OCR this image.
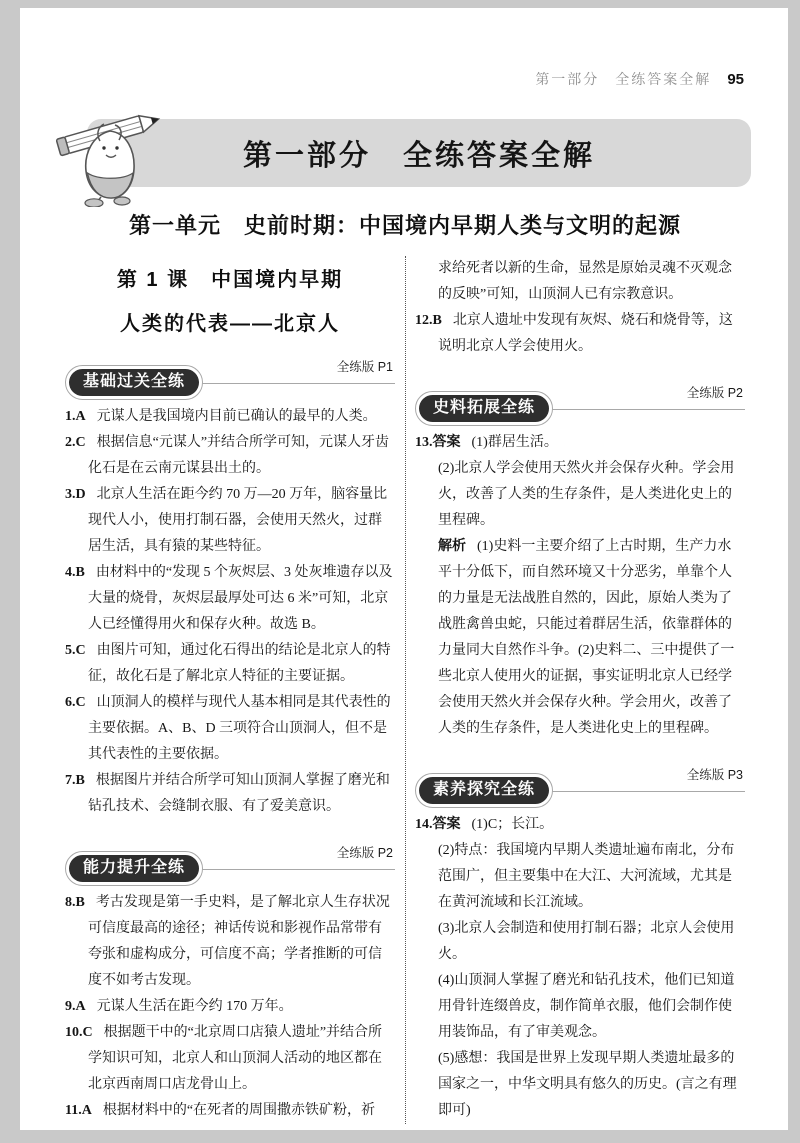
第一部分　全练答案全解 95
第一部分　全练答案全解
第一单元　史前时期：中国境内早期人类与文明的起源
第 1 课　中国境内早期
人类的代表——北京人
基础过关全练
全练版 P1

1.A 元谋人是我国境内目前已确认的最早的人类。

2.C 根据信息“元谋人”并结合所学可知，元谋人牙齿化石是在云南元谋县出土的。

3.D 北京人生活在距今约 70 万—20 万年，脑容量比现代人小，使用打制石器，会使用天然火，过群居生活，具有猿的某些特征。

4.B 由材料中的“发现 5 个灰烬层、3 处灰堆遗存以及大量的烧骨，灰烬层最厚处可达 6 米”可知，北京人已经懂得用火和保存火种。故选 B。

5.C 由图片可知，通过化石得出的结论是北京人的特征，故化石是了解北京人特征的主要证据。

6.C 山顶洞人的模样与现代人基本相同是其代表性的主要依据。A、B、D 三项符合山顶洞人，但不是其代表性的主要依据。

7.B 根据图片并结合所学可知山顶洞人掌握了磨光和钻孔技术、会缝制衣服、有了爱美意识。

能力提升全练
全练版 P2

8.B 考古发现是第一手史料，是了解北京人生存状况可信度最高的途径；神话传说和影视作品常带有夸张和虚构成分，可信度不高；学者推断的可信度不如考古发现。

9.A 元谋人生活在距今约 170 万年。

10.C 根据题干中的“北京周口店猿人遗址”并结合所学知识可知，北京人和山顶洞人活动的地区都在北京西南周口店龙骨山上。

11.A 根据材料中的“在死者的周围撒赤铁矿粉，祈

求给死者以新的生命，显然是原始灵魂不灭观念的反映”可知，山顶洞人已有宗教意识。

12.B 北京人遗址中发现有灰烬、烧石和烧骨等，这说明北京人学会使用火。

史料拓展全练
全练版 P2

13.答案 (1)群居生活。

(2)北京人学会使用天然火并会保存火种。学会用火，改善了人类的生存条件，是人类进化史上的里程碑。

解析 (1)史料一主要介绍了上古时期，生产力水平十分低下，而自然环境又十分恶劣，单靠个人的力量是无法战胜自然的，因此，原始人类为了战胜禽兽虫蛇，只能过着群居生活，依靠群体的力量同大自然作斗争。(2)史料二、三中提供了一些北京人使用火的证据，事实证明北京人已经学会使用天然火并会保存火种。学会用火，改善了人类的生存条件，是人类进化史上的里程碑。

素养探究全练
全练版 P3

14.答案 (1)C；长江。

(2)特点：我国境内早期人类遗址遍布南北，分布范围广，但主要集中在大江、大河流域，尤其是在黄河流域和长江流域。

(3)北京人会制造和使用打制石器；北京人会使用火。

(4)山顶洞人掌握了磨光和钻孔技术，他们已知道用骨针连缀兽皮，制作简单衣服，他们会制作使用装饰品，有了审美观念。

(5)感想：我国是世界上发现早期人类遗址最多的国家之一，中华文明具有悠久的历史。(言之有理即可)
